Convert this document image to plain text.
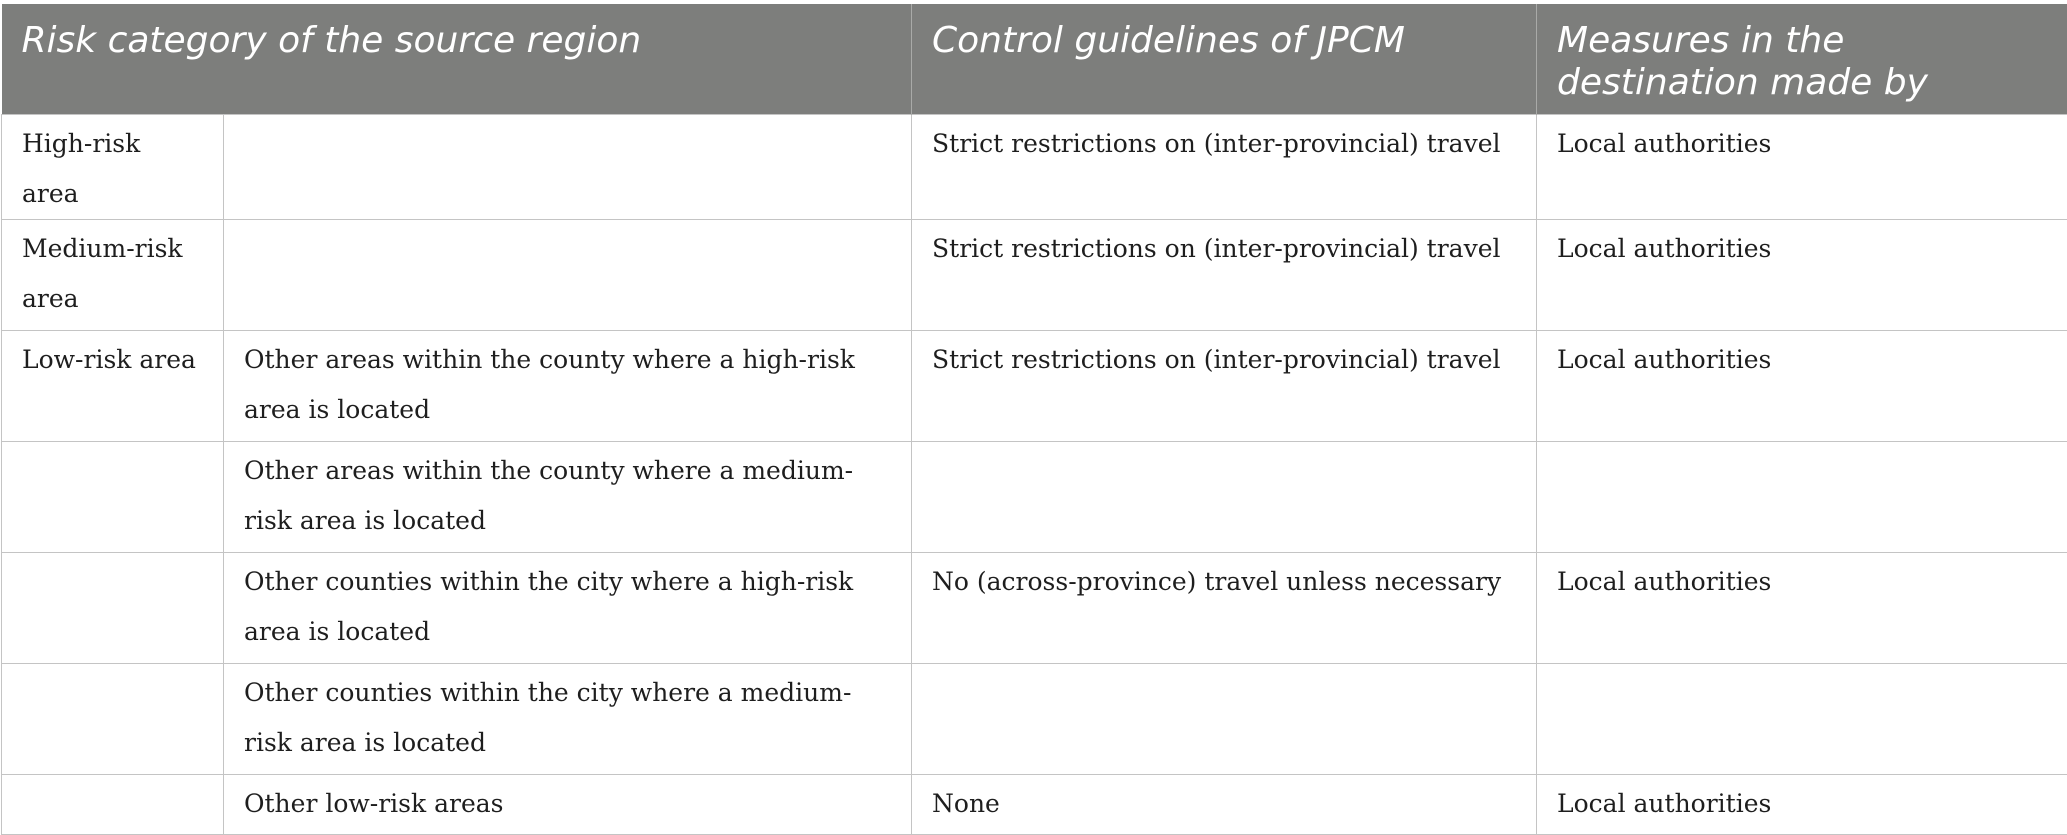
Risk category of the source region		Control guidelines of JPCM	Measures in the destination made by
High-risk area		Strict restrictions on (inter-provincial) travel	Local authorities
Medium-risk area		Strict restrictions on (inter-provincial) travel	Local authorities
Low-risk area	Other areas within the county where a high-risk area is located	Strict restrictions on (inter-provincial) travel	Local authorities
	Other areas within the county where a medium-risk area is located		
	Other counties within the city where a high-risk area is located	No (across-province) travel unless necessary	Local authorities
	Other counties within the city where a medium-risk area is located		
	Other low-risk areas	None	Local authorities
